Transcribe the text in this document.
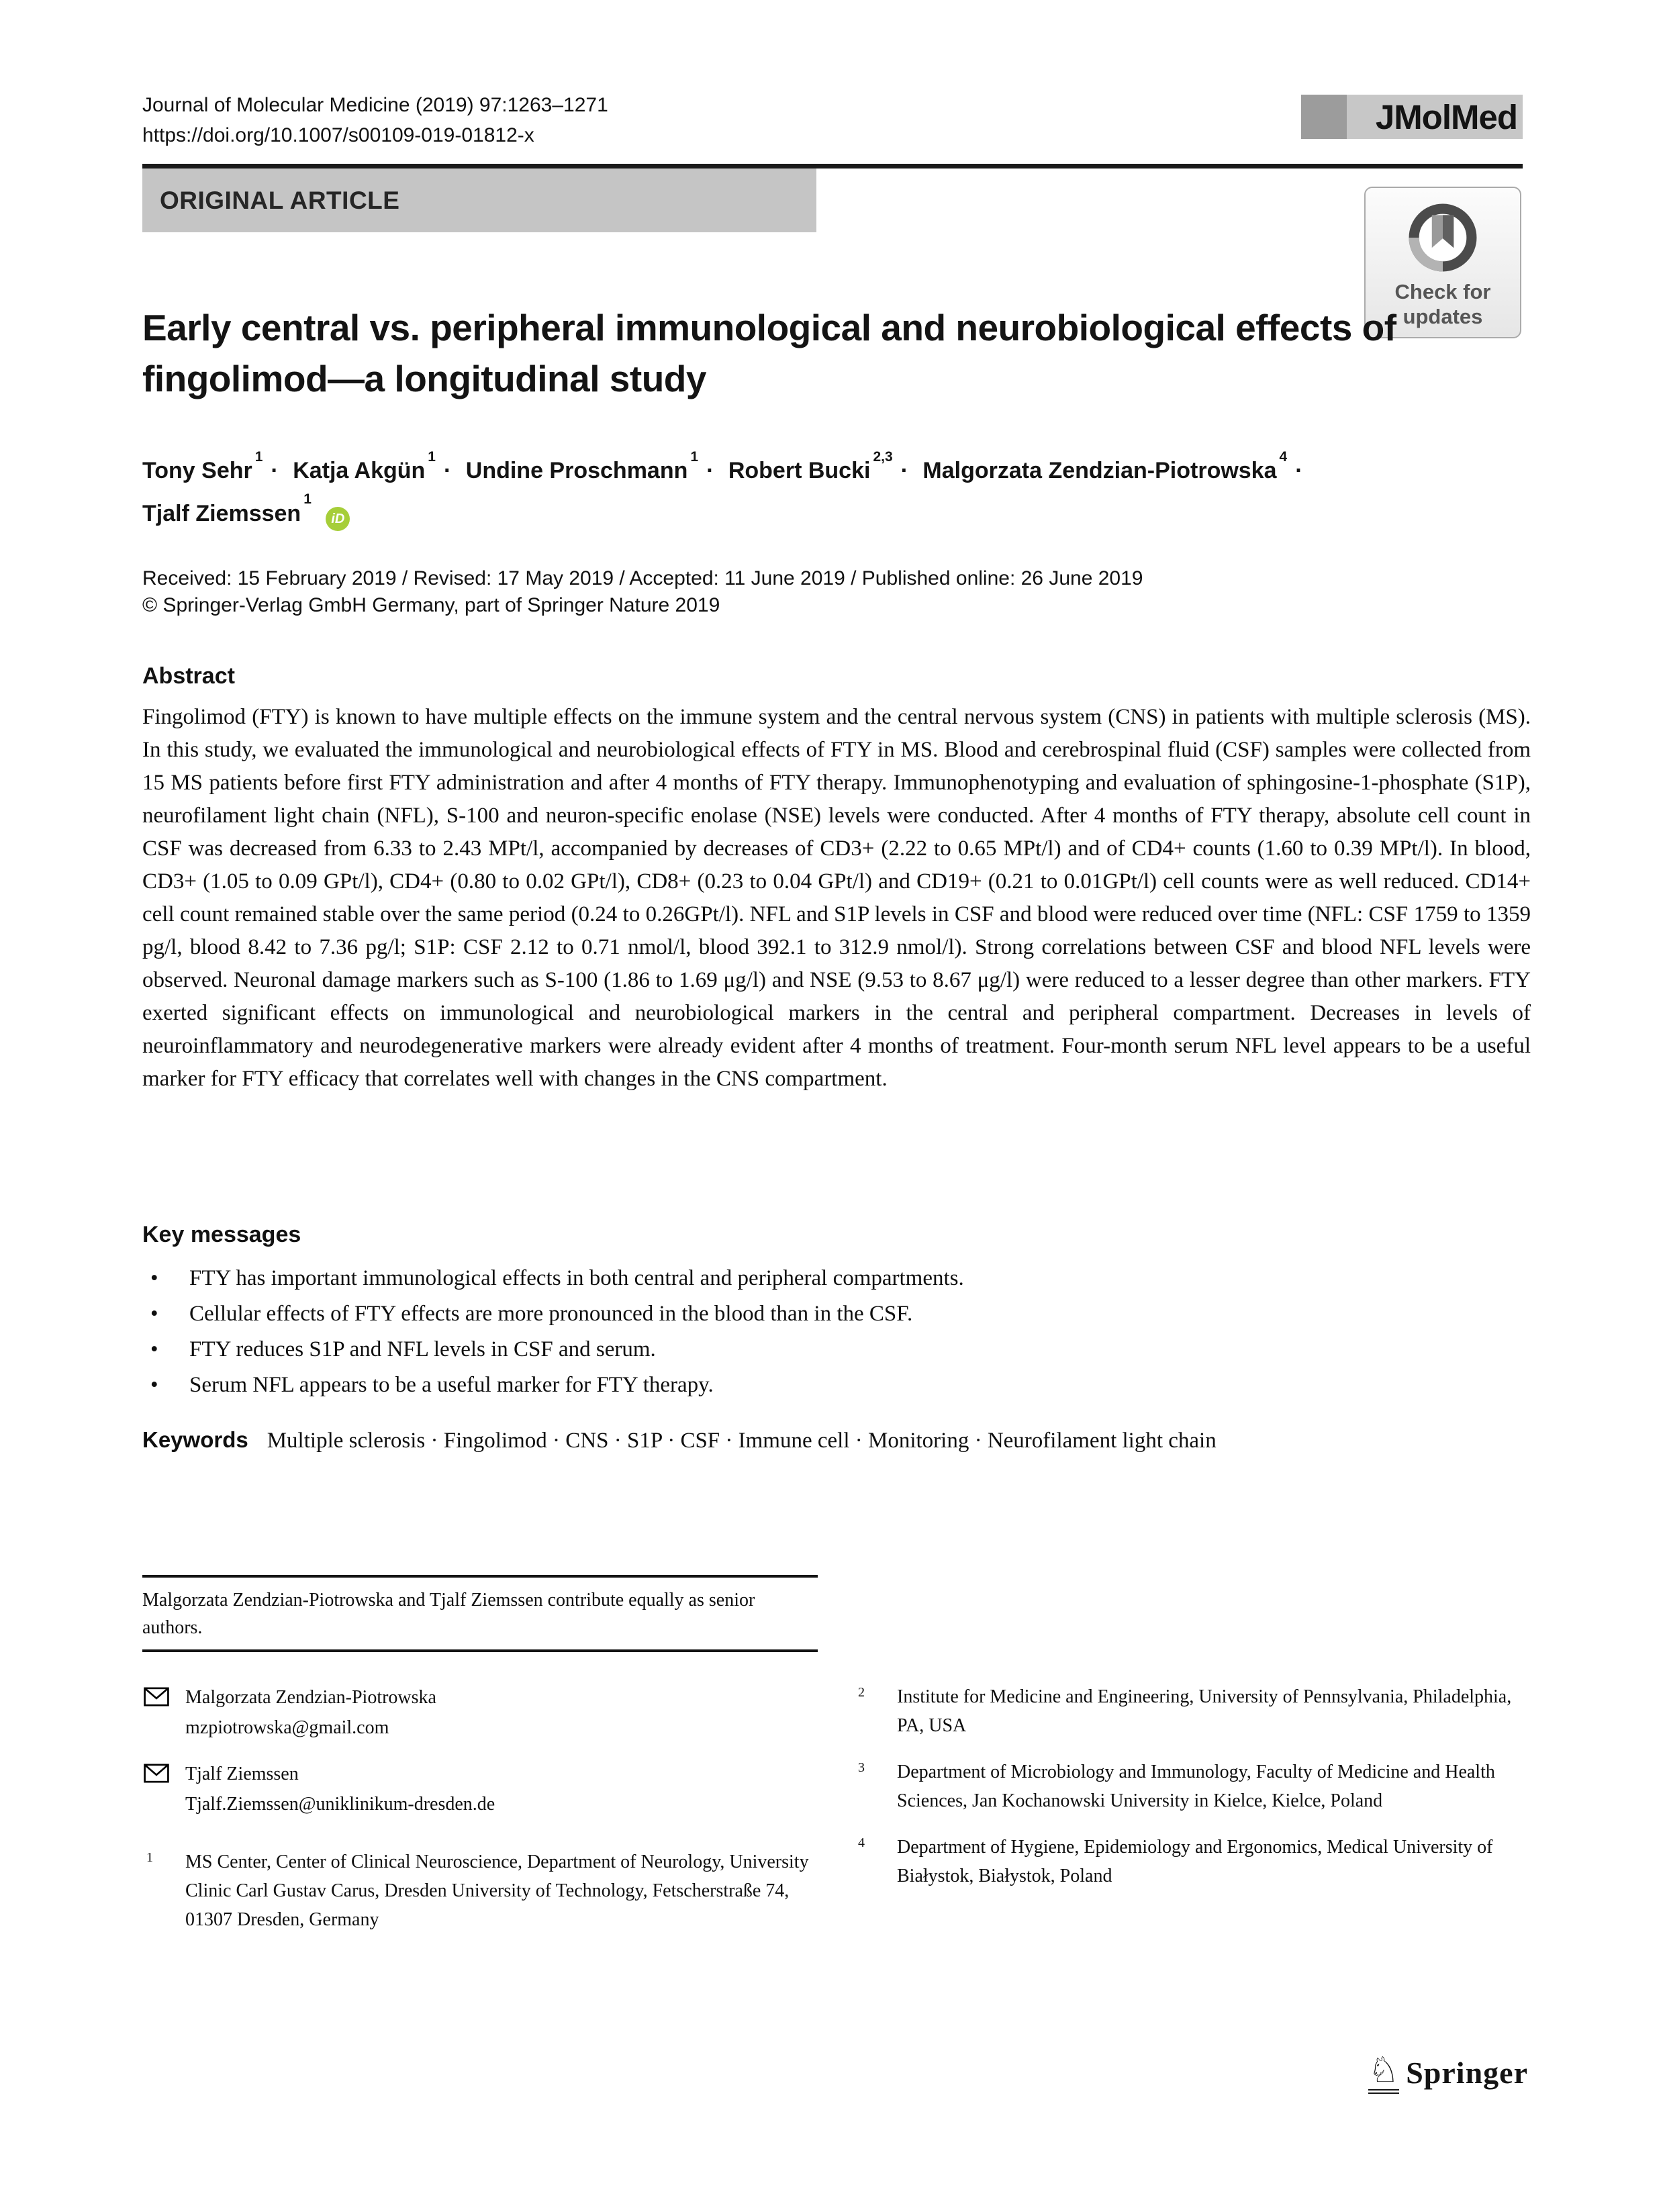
Journal of Molecular Medicine (2019) 97:1263–1271
https://doi.org/10.1007/s00109-019-01812-x	JMolMed
ORIGINAL ARTICLE
Check for updates
Early central vs. peripheral immunological and neurobiological effects of fingolimod—a longitudinal study
Tony Sehr$^1$· Katja Akgün$^1$· Undine Proschmann$^1$· Robert Bucki$^{2,3}$· Malgorzata Zendzian-Piotrowska$^4$·
Tjalf Ziemssen$^1$ iD
Received: 15 February 2019 / Revised: 17 May 2019 / Accepted: 11 June 2019 / Published online: 26 June 2019
© Springer-Verlag GmbH Germany, part of Springer Nature 2019
Abstract
Fingolimod (FTY) is known to have multiple effects on the immune system and the central nervous system (CNS) in patients with multiple sclerosis (MS). In this study, we evaluated the immunological and neurobiological effects of FTY in MS. Blood and cerebrospinal fluid (CSF) samples were collected from 15 MS patients before first FTY administration and after 4 months of FTY therapy. Immunophenotyping and evaluation of sphingosine-1-phosphate (S1P), neurofilament light chain (NFL), S-100 and neuron-specific enolase (NSE) levels were conducted. After 4 months of FTY therapy, absolute cell count in CSF was decreased from 6.33 to 2.43 MPt/l, accompanied by decreases of CD3+ (2.22 to 0.65 MPt/l) and of CD4+ counts (1.60 to 0.39 MPt/l). In blood, CD3+ (1.05 to 0.09 GPt/l), CD4+ (0.80 to 0.02 GPt/l), CD8+ (0.23 to 0.04 GPt/l) and CD19+ (0.21 to 0.01GPt/l) cell counts were as well reduced. CD14+ cell count remained stable over the same period (0.24 to 0.26GPt/l). NFL and S1P levels in CSF and blood were reduced over time (NFL: CSF 1759 to 1359 pg/l, blood 8.42 to 7.36 pg/l; S1P: CSF 2.12 to 0.71 nmol/l, blood 392.1 to 312.9 nmol/l). Strong correlations between CSF and blood NFL levels were observed. Neuronal damage markers such as S-100 (1.86 to 1.69 μg/l) and NSE (9.53 to 8.67 μg/l) were reduced to a lesser degree than other markers. FTY exerted significant effects on immunological and neurobiological markers in the central and peripheral compartment. Decreases in levels of neuroinflammatory and neurodegenerative markers were already evident after 4 months of treatment. Four-month serum NFL level appears to be a useful marker for FTY efficacy that correlates well with changes in the CNS compartment.
Key messages
•	FTY has important immunological effects in both central and peripheral compartments.
•	Cellular effects of FTY effects are more pronounced in the blood than in the CSF.
•	FTY reduces S1P and NFL levels in CSF and serum.
•	Serum NFL appears to be a useful marker for FTY therapy.
Keywords Multiple sclerosis · Fingolimod · CNS · S1P · CSF · Immune cell · Monitoring · Neurofilament light chain
Malgorzata Zendzian-Piotrowska and Tjalf Ziemssen contribute equally as senior authors.
Malgorzata Zendzian-Piotrowska
mzpiotrowska@gmail.com
Tjalf Ziemssen
Tjalf.Ziemssen@uniklinikum-dresden.de
1 MS Center, Center of Clinical Neuroscience, Department of Neurology, University Clinic Carl Gustav Carus, Dresden University of Technology, Fetscherstraße 74, 01307 Dresden, Germany
2 Institute for Medicine and Engineering, University of Pennsylvania, Philadelphia, PA, USA
3 Department of Microbiology and Immunology, Faculty of Medicine and Health Sciences, Jan Kochanowski University in Kielce, Kielce, Poland
4 Department of Hygiene, Epidemiology and Ergonomics, Medical University of Białystok, Białystok, Poland
♘ Springer
